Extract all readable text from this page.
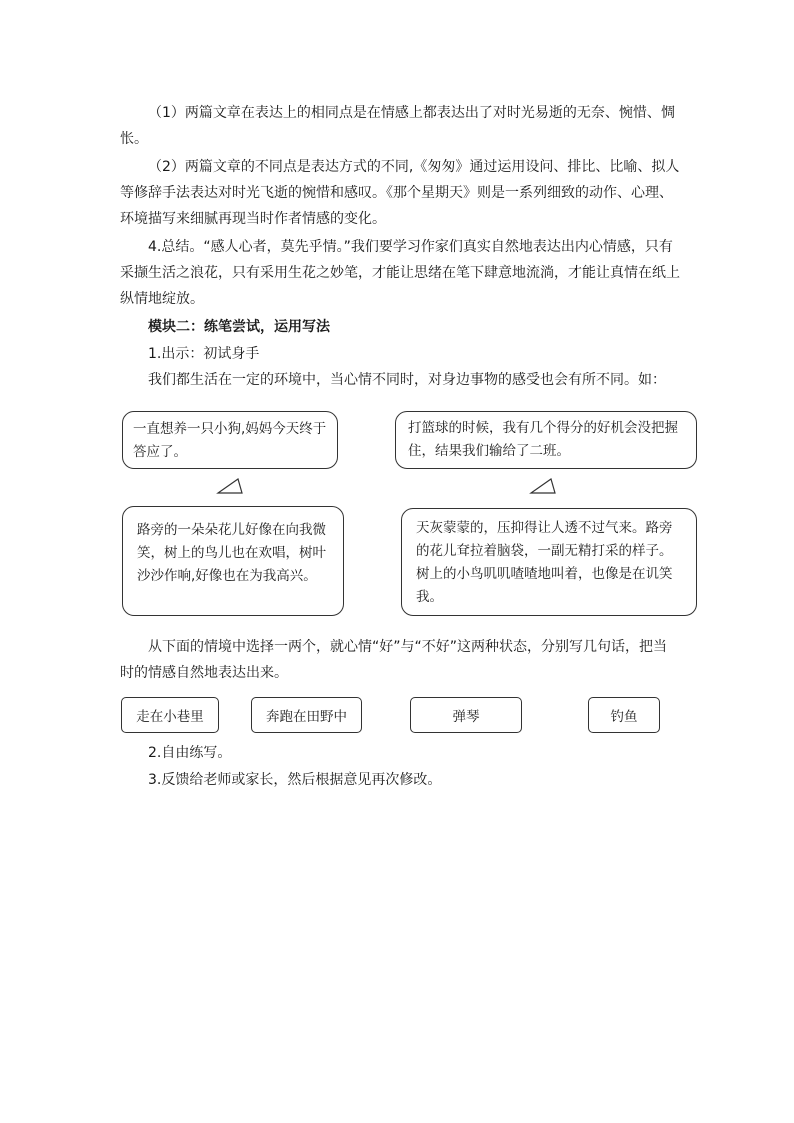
（1）两篇文章在表达上的相同点是在情感上都表达出了对时光易逝的无奈、惋惜、惆怅。

（2）两篇文章的不同点是表达方式的不同,《匆匆》通过运用设问、排比、比喻、拟人等修辞手法表达对时光飞逝的惋惜和感叹。《那个星期天》则是一系列细致的动作、心理、环境描写来细腻再现当时作者情感的变化。

4.总结。“感人心者，莫先乎情。”我们要学习作家们真实自然地表达出内心情感，只有采撷生活之浪花，只有采用生花之妙笔，才能让思绪在笔下肆意地流淌，才能让真情在纸上纵情地绽放。

模块二：练笔尝试，运用写法

1.出示：初试身手

我们都生活在一定的环境中，当心情不同时，对身边事物的感受也会有所不同。如：

一直想养一只小狗,妈妈今天终于答应了。
路旁的一朵朵花儿好像在向我微笑，树上的鸟儿也在欢唱，树叶沙沙作响,好像也在为我高兴。
打篮球的时候，我有几个得分的好机会没把握住，结果我们输给了二班。
天灰蒙蒙的，压抑得让人透不过气来。路旁的花儿耷拉着脑袋，一副无精打采的样子。树上的小鸟叽叽喳喳地叫着，也像是在讥笑我。

从下面的情境中选择一两个，就心情“好”与“不好”这两种状态，分别写几句话，把当时的情感自然地表达出来。

走在小巷里	奔跑在田野中	弹琴	钓鱼

2.自由练写。

3.反馈给老师或家长，然后根据意见再次修改。
